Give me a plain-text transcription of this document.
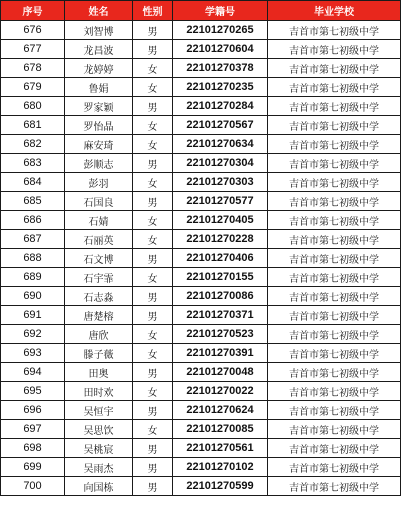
序号	姓名	性别	学籍号	毕业学校
676	刘智博	男	22101270265	吉首市第七初级中学
677	龙昌波	男	22101270604	吉首市第七初级中学
678	龙婷婷	女	22101270378	吉首市第七初级中学
679	鲁娟	女	22101270235	吉首市第七初级中学
680	罗家颖	男	22101270284	吉首市第七初级中学
681	罗怡晶	女	22101270567	吉首市第七初级中学
682	麻安琦	女	22101270634	吉首市第七初级中学
683	彭顺志	男	22101270304	吉首市第七初级中学
684	彭羽	女	22101270303	吉首市第七初级中学
685	石国良	男	22101270577	吉首市第七初级中学
686	石婧	女	22101270405	吉首市第七初级中学
687	石丽英	女	22101270228	吉首市第七初级中学
688	石文博	男	22101270406	吉首市第七初级中学
689	石宇霏	女	22101270155	吉首市第七初级中学
690	石志淼	男	22101270086	吉首市第七初级中学
691	唐楚榕	男	22101270371	吉首市第七初级中学
692	唐欣	女	22101270523	吉首市第七初级中学
693	滕子薇	女	22101270391	吉首市第七初级中学
694	田奥	男	22101270048	吉首市第七初级中学
695	田时欢	女	22101270022	吉首市第七初级中学
696	吴恒宇	男	22101270624	吉首市第七初级中学
697	吴思饮	女	22101270085	吉首市第七初级中学
698	吴桃宸	男	22101270561	吉首市第七初级中学
699	吴雨杰	男	22101270102	吉首市第七初级中学
700	向国栋	男	22101270599	吉首市第七初级中学
